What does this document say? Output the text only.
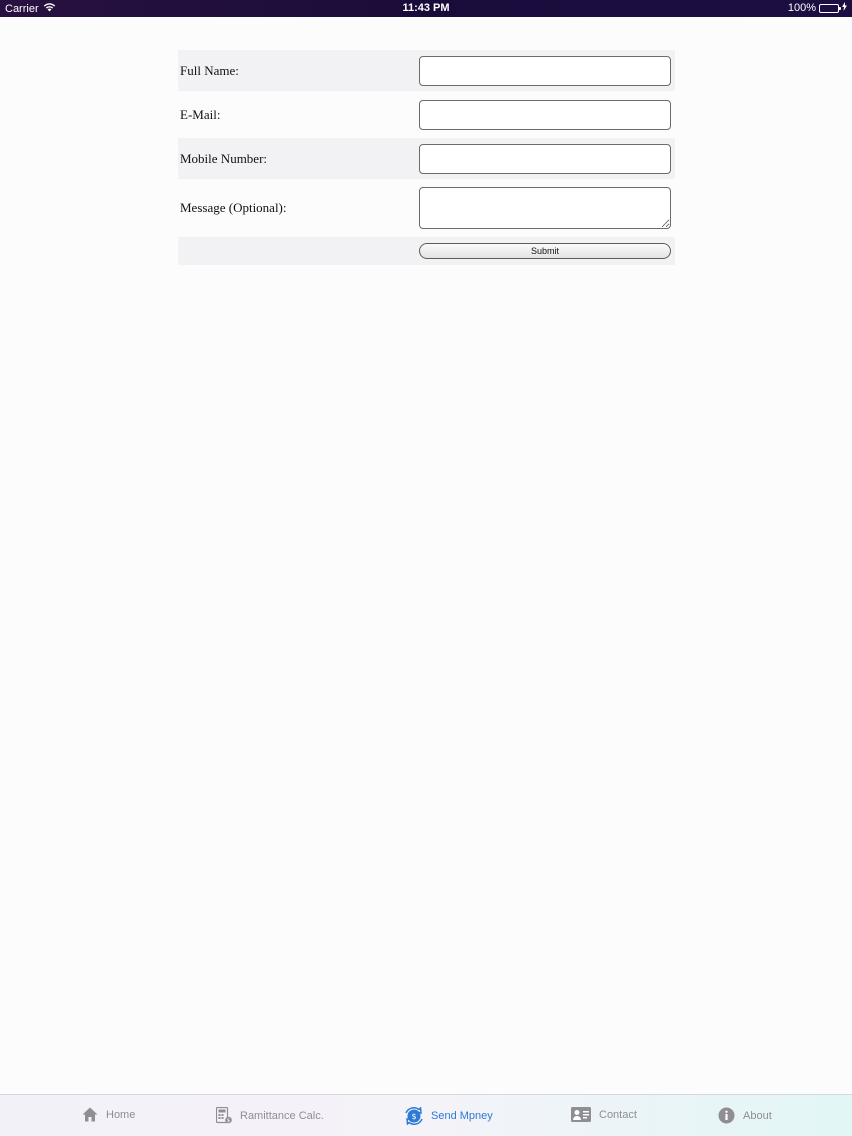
Carrier	11:43 PM	100%
Full Name:
E-Mail:
Mobile Number:
Message (Optional):
Submit
Home
$ Ramittance Calc.	$ Send Mpney	Contact	About
